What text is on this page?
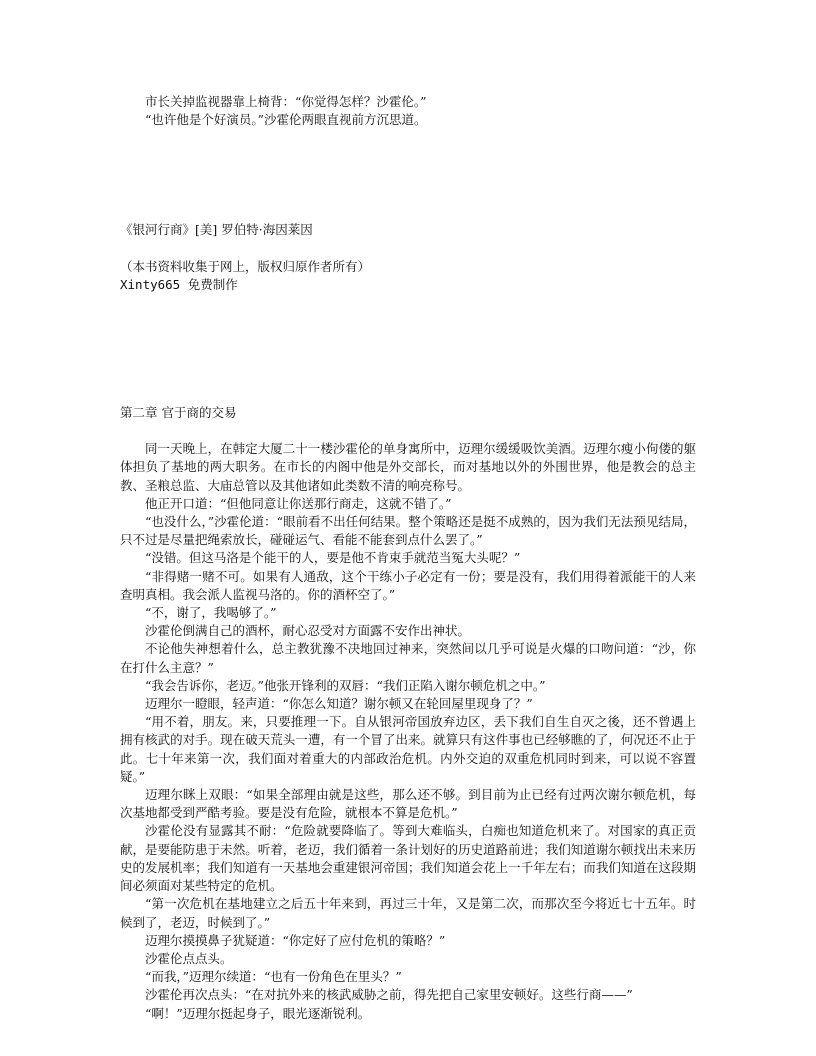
市长关掉监视器靠上椅背：“你觉得怎样？沙霍伦。”

“也许他是个好演员。”沙霍伦两眼直视前方沉思道。

《银河行商》[美] 罗伯特·海因莱因

（本书资料收集于网上，版权归原作者所有）

Xinty665 免费制作

第二章 官于商的交易

同一天晚上，在韩定大厦二十一楼沙霍伦的单身寓所中，迈理尔缓缓吸饮美酒。迈理尔瘦小佝偻的躯体担负了基地的两大职务。在市长的内阁中他是外交部长，而对基地以外的外围世界，他是教会的总主教、圣粮总监、大庙总管以及其他诸如此类数不清的响亮称号。

他正开口道：“但他同意让你送那行商走，这就不错了。”

“也没什么，”沙霍伦道：“眼前看不出任何结果。整个策略还是挺不成熟的，因为我们无法预见结局，只不过是尽量把绳索放长，碰碰运气、看能不能套到点什么罢了。”

“没错。但这马洛是个能干的人，要是他不肯束手就范当冤大头呢？”

“非得赌一赌不可。如果有人通敌，这个干练小子必定有一份；要是没有，我们用得着派能干的人来查明真相。我会派人监视马洛的。你的酒杯空了。”

“不，谢了，我喝够了。”

沙霍伦倒满自己的酒杯，耐心忍受对方面露不安作出神状。

不论他失神想着什么，总主教犹豫不决地回过神来，突然间以几乎可说是火爆的口吻问道：“沙，你在打什么主意？”

“我会告诉你，老迈。”他张开锋利的双唇：“我们正陷入谢尔顿危机之中。”

迈理尔一瞪眼，轻声道：“你怎么知道？谢尔顿又在轮回屋里现身了？”

“用不着，朋友。来，只要推理一下。自从银河帝国放弃边区，丢下我们自生自灭之後，还不曾遇上拥有核武的对手。现在破天荒头一遭，有一个冒了出来。就算只有这件事也已经够瞧的了，何况还不止于此。七十年来第一次，我们面对着重大的内部政治危机。内外交迫的双重危机同时到来，可以说不容置疑。”

迈理尔眯上双眼：“如果全部理由就是这些，那么还不够。到目前为止已经有过两次谢尔顿危机，每次基地都受到严酷考验。要是没有危险，就根本不算是危机。”

沙霍伦没有显露其不耐：“危险就要降临了。等到大难临头，白痴也知道危机来了。对国家的真正贡献，是要能防患于未然。听着，老迈，我们循着一条计划好的历史道路前进；我们知道谢尔顿找出未来历史的发展机率；我们知道有一天基地会重建银河帝国；我们知道会花上一千年左右；而我们知道在这段期间必须面对某些特定的危机。

“第一次危机在基地建立之后五十年来到，再过三十年，又是第二次，而那次至今将近七十五年。时候到了，老迈，时候到了。”

迈理尔摸摸鼻子犹疑道：“你定好了应付危机的策略？”

沙霍伦点点头。

“而我，”迈理尔续道：“也有一份角色在里头？”

沙霍伦再次点头：“在对抗外来的核武威胁之前，得先把自己家里安顿好。这些行商——”

“啊！”迈理尔挺起身子，眼光逐渐锐利。
